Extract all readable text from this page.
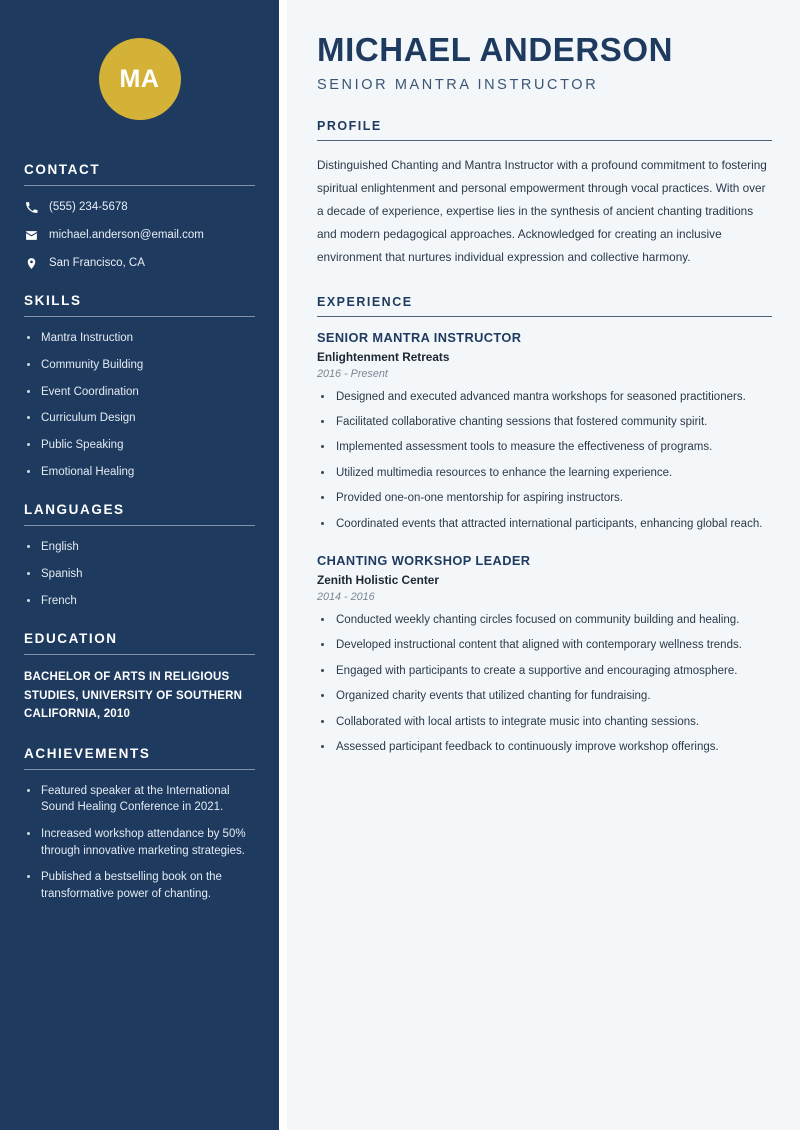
MA
CONTACT
(555) 234-5678
michael.anderson@email.com
San Francisco, CA
SKILLS
Mantra Instruction
Community Building
Event Coordination
Curriculum Design
Public Speaking
Emotional Healing
LANGUAGES
English
Spanish
French
EDUCATION
BACHELOR OF ARTS IN RELIGIOUS STUDIES, UNIVERSITY OF SOUTHERN CALIFORNIA, 2010
ACHIEVEMENTS
Featured speaker at the International Sound Healing Conference in 2021.
Increased workshop attendance by 50% through innovative marketing strategies.
Published a bestselling book on the transformative power of chanting.
MICHAEL ANDERSON
SENIOR MANTRA INSTRUCTOR
PROFILE

Distinguished Chanting and Mantra Instructor with a profound commitment to fostering spiritual enlightenment and personal empowerment through vocal practices. With over a decade of experience, expertise lies in the synthesis of ancient chanting traditions and modern pedagogical approaches. Acknowledged for creating an inclusive environment that nurtures individual expression and collective harmony.

EXPERIENCE
SENIOR MANTRA INSTRUCTOR
Enlightenment Retreats
2016 - Present
Designed and executed advanced mantra workshops for seasoned practitioners.
Facilitated collaborative chanting sessions that fostered community spirit.
Implemented assessment tools to measure the effectiveness of programs.
Utilized multimedia resources to enhance the learning experience.
Provided one-on-one mentorship for aspiring instructors.
Coordinated events that attracted international participants, enhancing global reach.
CHANTING WORKSHOP LEADER
Zenith Holistic Center
2014 - 2016
Conducted weekly chanting circles focused on community building and healing.
Developed instructional content that aligned with contemporary wellness trends.
Engaged with participants to create a supportive and encouraging atmosphere.
Organized charity events that utilized chanting for fundraising.
Collaborated with local artists to integrate music into chanting sessions.
Assessed participant feedback to continuously improve workshop offerings.
